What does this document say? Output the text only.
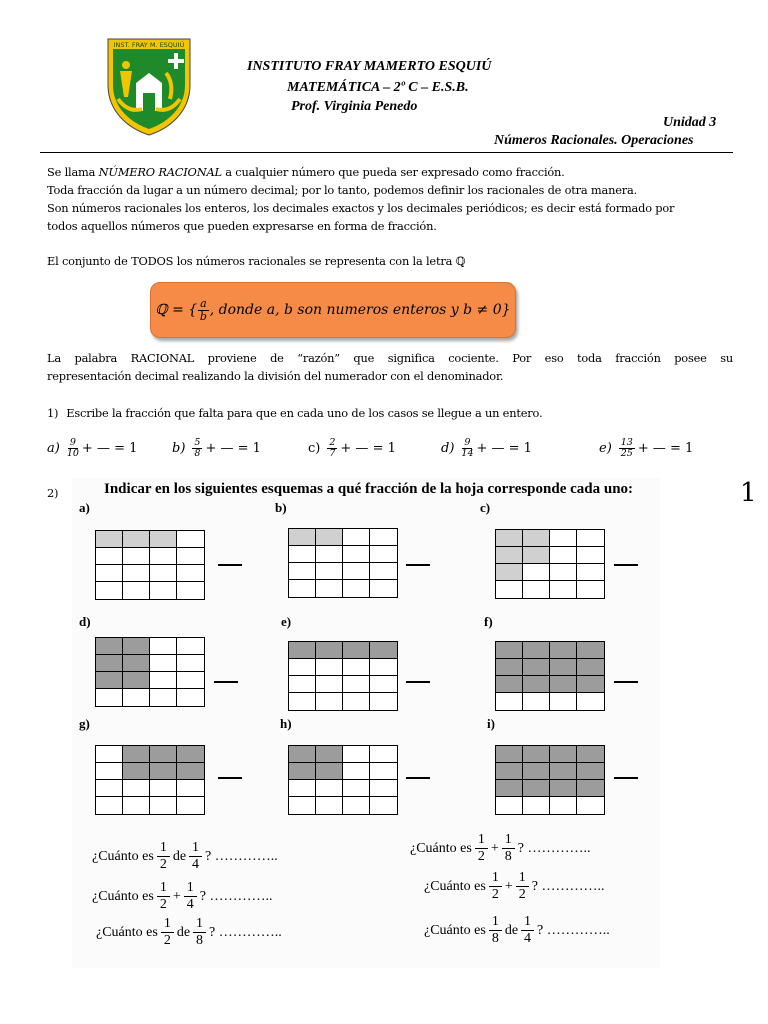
INST. FRAY M. ESQUIÚ
INSTITUTO FRAY MAMERTO ESQUIÚ
MATEMÁTICA – 2º C – E.S.B.
Prof. Virginia Penedo
Unidad 3
Números Racionales. Operaciones
Se llama NÚMERO RACIONAL a cualquier número que pueda ser expresado como fracción.
Toda fracción da lugar a un número decimal; por lo tanto, podemos definir los racionales de otra manera.
Son números racionales los enteros, los decimales exactos y los decimales periódicos; es decir está formado por
todos aquellos números que pueden expresarse en forma de fracción.
El conjunto de TODOS los números racionales se representa con la letra ℚ
ℚ = { $\frac{a}{b}$ , donde a, b son numeros enteros y b ≠ 0}
La palabra RACIONAL proviene de “razón” que significa cociente. Por eso toda fracción posee su
representación decimal realizando la división del numerador con el denominador.
1) Escribe la fracción que falta para que en cada uno de los casos se llegue a un entero.
$a) \frac{9}{10}$ + — = 1	$b) \frac{5}{8}$ + — = 1	$c) \frac{2}{7}$ + — = 1	$d) \frac{9}{14}$ + — = 1	$e) \frac{13}{25}$ + — = 1
2)	Indicar en los siguientes esquemas a qué fracción de la hoja corresponde cada uno:	1
a)	b)	c)
d)	e)	f)
g)	h)	i)
¿Cuánto es $\frac{1}{2}$ de $\frac{1}{4}$ ? …………..
¿Cuánto es $\frac{1}{2} + \frac{1}{4}$ ? …………..
¿Cuánto es $\frac{1}{2}$ de $\frac{1}{8}$ ? …………..
¿Cuánto es $\frac{1}{2} + \frac{1}{8}$ ? …………..
¿Cuánto es $\frac{1}{2} + \frac{1}{2}$ ? …………..
¿Cuánto es $\frac{1}{8}$ de $\frac{1}{4}$ ? …………..
